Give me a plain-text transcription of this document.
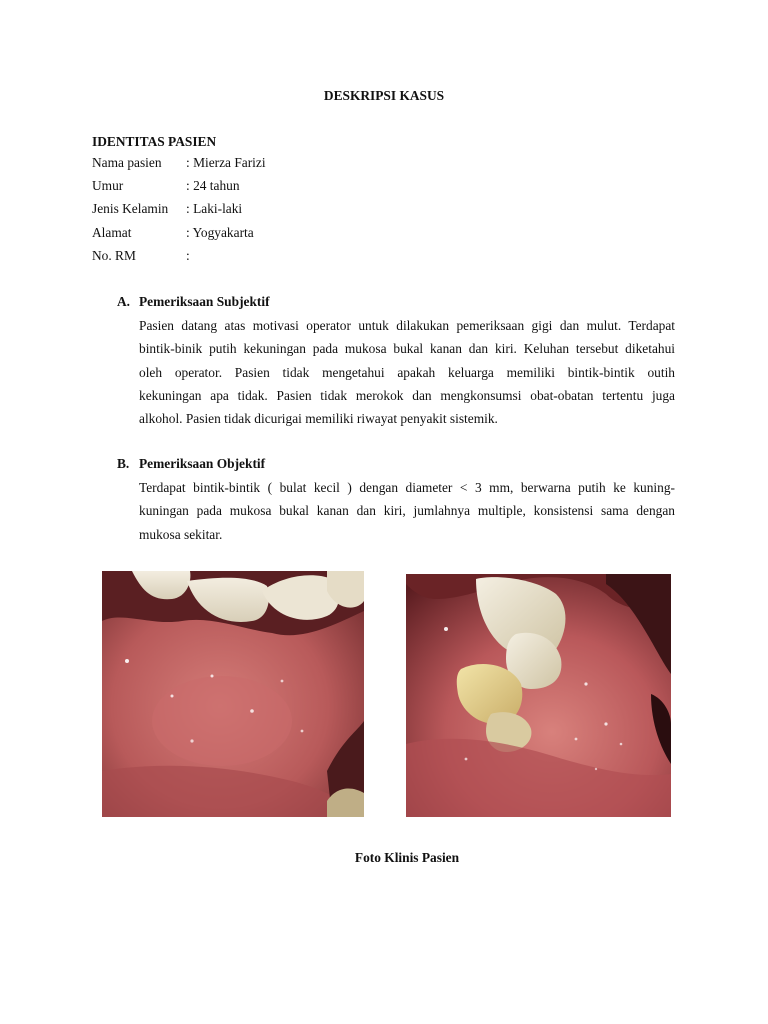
DESKRIPSI KASUS
IDENTITAS PASIEN
Nama pasien : Mierza Farizi
Umur	: 24 tahun
Jenis Kelamin : Laki-laki
Alamat	: Yogyakarta
No. RM	:
A. Pemeriksaan Subjektif
Pasien datang atas motivasi operator untuk dilakukan pemeriksaan gigi dan mulut. Terdapat
bintik-binik putih kekuningan pada mukosa bukal kanan dan kiri. Keluhan tersebut diketahui
oleh operator. Pasien tidak mengetahui apakah keluarga memiliki bintik-bintik outih
kekuningan apa tidak. Pasien tidak merokok dan mengkonsumsi obat-obatan tertentu juga
alkohol. Pasien tidak dicurigai memiliki riwayat penyakit sistemik.
B. Pemeriksaan Objektif
Terdapat bintik-bintik ( bulat kecil ) dengan diameter < 3 mm, berwarna putih ke kuning-
kuningan pada mukosa bukal kanan dan kiri, jumlahnya multiple, konsistensi sama dengan
mukosa sekitar.
Foto Klinis Pasien
